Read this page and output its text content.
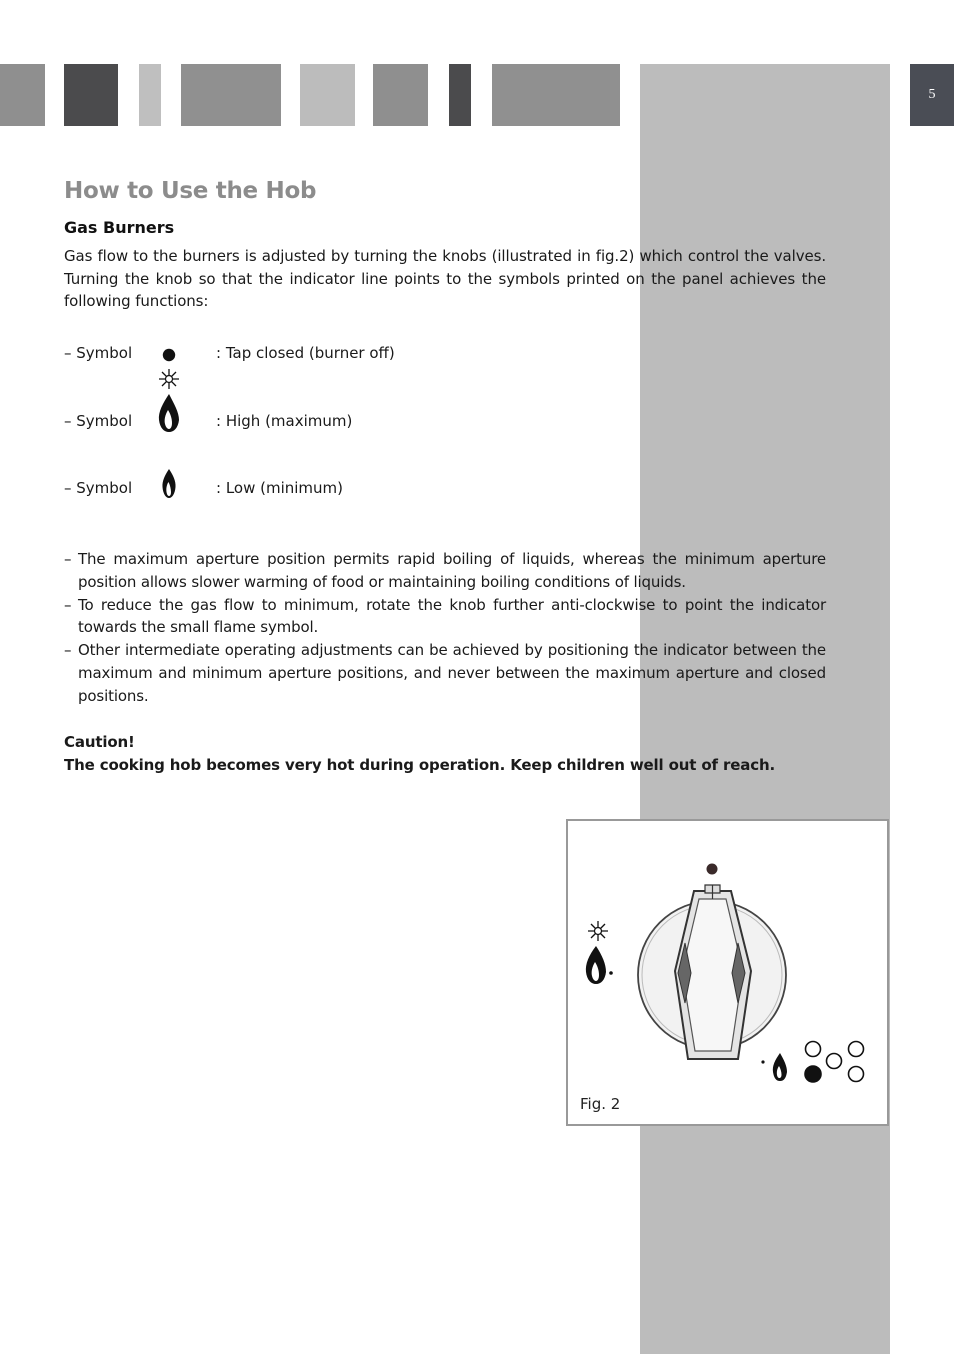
5
How to Use the Hob
Gas Burners

Gas flow to the burners is adjusted by turning the knobs (illustrated in fig.2) which control the valves. Turning the knob so that the indicator line points to the symbols printed on the panel achieves the following functions:

– Symbol	: Tap closed (burner off)
– Symbol	: High (maximum)
– Symbol	: Low (minimum)
– The maximum aperture position permits rapid boiling of liquids, whereas the minimum aperture position allows slower warming of food or maintaining boiling conditions of liquids.
– To reduce the gas flow to minimum, rotate the knob further anti-clockwise to point the indicator towards the small flame symbol.
– Other intermediate operating adjustments can be achieved by positioning the indicator between the maximum and minimum aperture positions, and never between the maximum aperture and closed positions.
Caution!
The cooking hob becomes very hot during operation. Keep children well out of reach.
Fig. 2
